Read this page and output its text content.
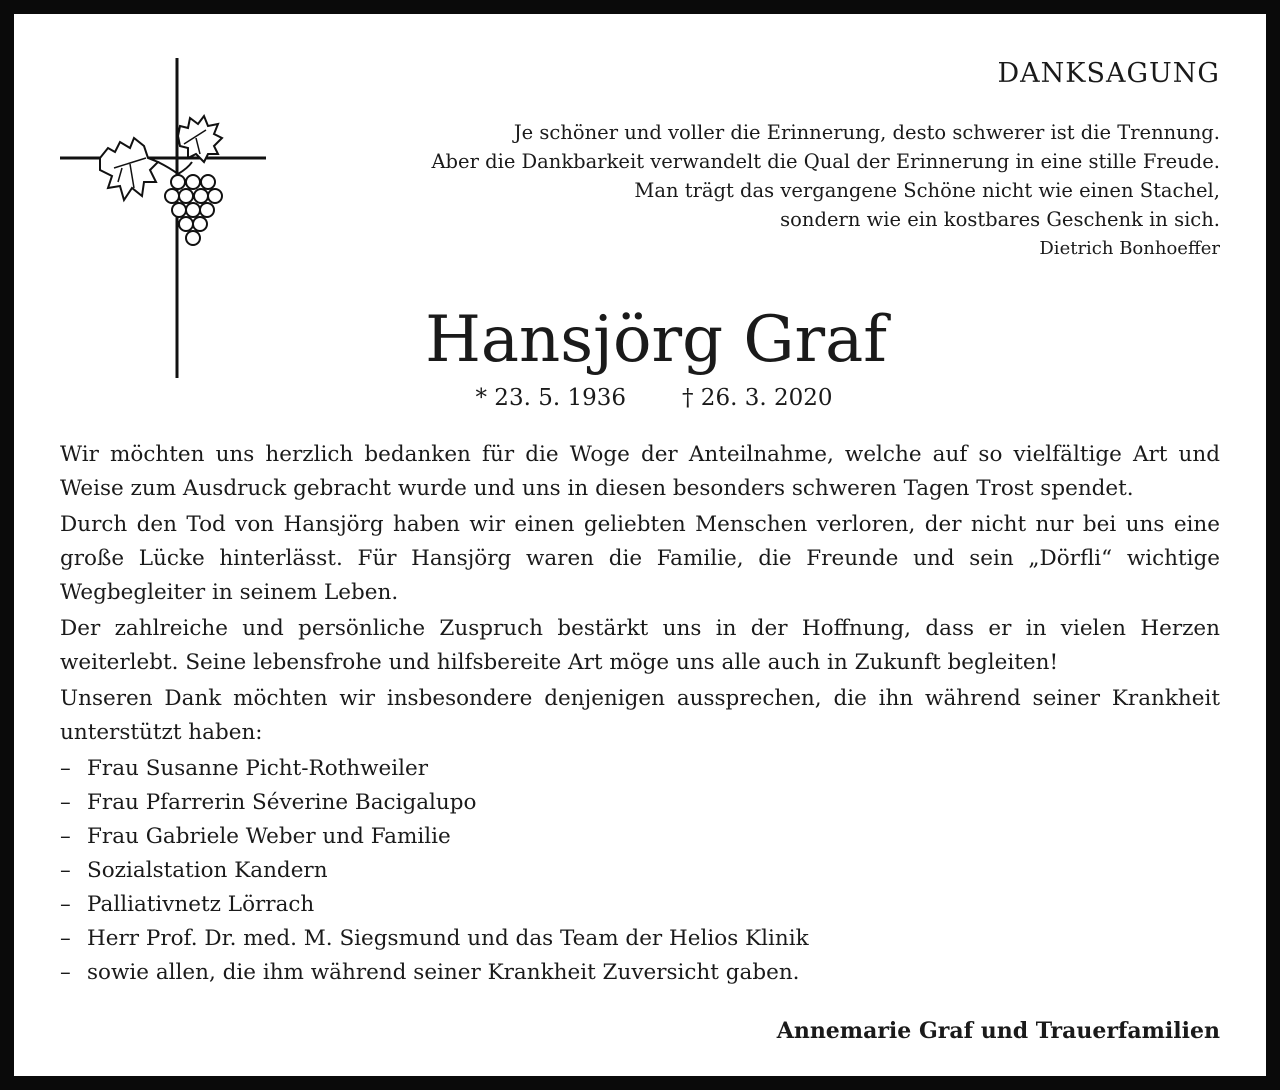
DANKSAGUNG
Je schöner und voller die Erinnerung, desto schwerer ist die Trennung.
Aber die Dankbarkeit verwandelt die Qual der Erinnerung in eine stille Freude.
Man trägt das vergangene Schöne nicht wie einen Stachel,
sondern wie ein kostbares Geschenk in sich.
Dietrich Bonhoeffer
Hansjörg Graf
* 23. 5. 1936 † 26. 3. 2020

Wir möchten uns herzlich bedanken für die Woge der Anteilnahme, welche auf so vielfältige Art und Weise zum Ausdruck gebracht wurde und uns in diesen besonders schweren Tagen Trost spendet.

Durch den Tod von Hansjörg haben wir einen geliebten Menschen verloren, der nicht nur bei uns eine große Lücke hinterlässt. Für Hansjörg waren die Familie, die Freunde und sein „Dörfli“ wichtige Wegbegleiter in seinem Leben.

Der zahlreiche und persönliche Zuspruch bestärkt uns in der Hoffnung, dass er in vielen Herzen weiterlebt. Seine lebensfrohe und hilfsbereite Art möge uns alle auch in Zukunft begleiten!

Unseren Dank möchten wir insbesondere denjenigen aussprechen, die ihn während seiner Krankheit unterstützt haben:

– Frau Susanne Picht-Rothweiler
– Frau Pfarrerin Séverine Bacigalupo
– Frau Gabriele Weber und Familie
– Sozialstation Kandern
– Palliativnetz Lörrach
– Herr Prof. Dr. med. M. Siegsmund und das Team der Helios Klinik
– sowie allen, die ihm während seiner Krankheit Zuversicht gaben.
Annemarie Graf und Trauerfamilien
